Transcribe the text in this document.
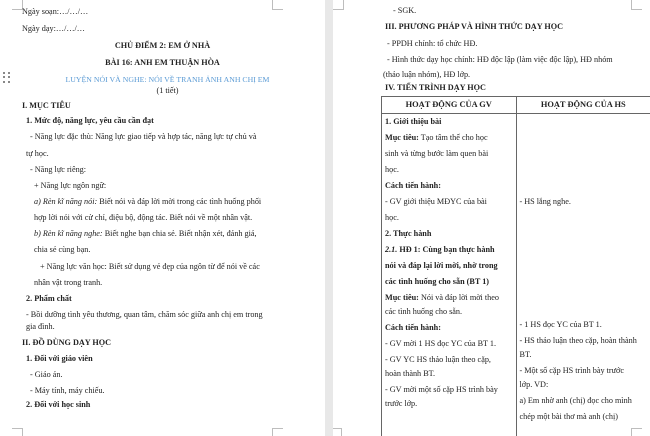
Ngày soạn:…/…/…
Ngày dạy:…/…/…
CHỦ ĐIỂM 2: EM Ở NHÀ
BÀI 16: ANH EM THUẬN HÒA
LUYỆN NÓI VÀ NGHE: NÓI VỀ TRANH ẢNH ANH CHỊ EM
(1 tiết)
I. MỤC TIÊU
1. Mức độ, năng lực, yêu cầu cần đạt
- Năng lực đặc thù: Năng lực giao tiếp và hợp tác, năng lực tự chủ và
tự học.
- Năng lực riêng:
+ Năng lực ngôn ngữ:
a) Rèn kĩ năng nói: Biết nói và đáp lời mời trong các tình huống phối
hợp lời nói với cử chỉ, điệu bộ, động tác. Biết nói về một nhân vật.
b) Rèn kĩ năng nghe: Biết nghe bạn chia sẻ. Biết nhận xét, đánh giá,
chia sẻ cùng bạn.
+ Năng lực văn học: Biết sử dụng vẻ đẹp của ngôn từ để nói về các
nhân vật trong tranh.
2. Phẩm chất
- Bồi dưỡng tình yêu thương, quan tâm, chăm sóc giữa anh chị em trong
gia đình.
II. ĐỒ DÙNG DẠY HỌC
1. Đối với giáo viên
- Giáo án.
- Máy tính, máy chiếu.
2. Đối với học sinh
- SGK.
III. PHƯƠNG PHÁP VÀ HÌNH THỨC DẠY HỌC
- PPDH chính: tổ chức HĐ.
- Hình thức dạy học chính: HĐ độc lập (làm việc độc lập), HĐ nhóm
(thảo luận nhóm), HĐ lớp.
IV. TIẾN TRÌNH DẠY HỌC
HOẠT ĐỘNG CỦA GV	HOẠT ĐỘNG CỦA HS

1. Giới thiệu bài
Mục tiêu: Tạo tâm thế cho học
sinh và từng bước làm quen bài
học.
Cách tiến hành:
- GV giới thiệu MĐYC của bài
học.
2. Thực hành
2.1. HĐ 1: Cùng bạn thực hành
nói và đáp lại lời mời, nhờ trong
các tình huống cho sẵn (BT 1)
Mục tiêu: Nói và đáp lời mời theo
các tình huống cho sẵn.
Cách tiến hành:
- GV mời 1 HS đọc YC của BT 1.
- GV YC HS thảo luận theo cặp,
hoàn thành BT.
- GV mời một số cặp HS trình bày
trước lớp.

- HS lắng nghe.
- 1 HS đọc YC của BT 1.
- HS thảo luận theo cặp, hoàn thành
BT.
- Một số cặp HS trình bày trước
lớp. VD:
a) Em nhờ anh (chị) đọc cho mình
chép một bài thơ mà anh (chị)
